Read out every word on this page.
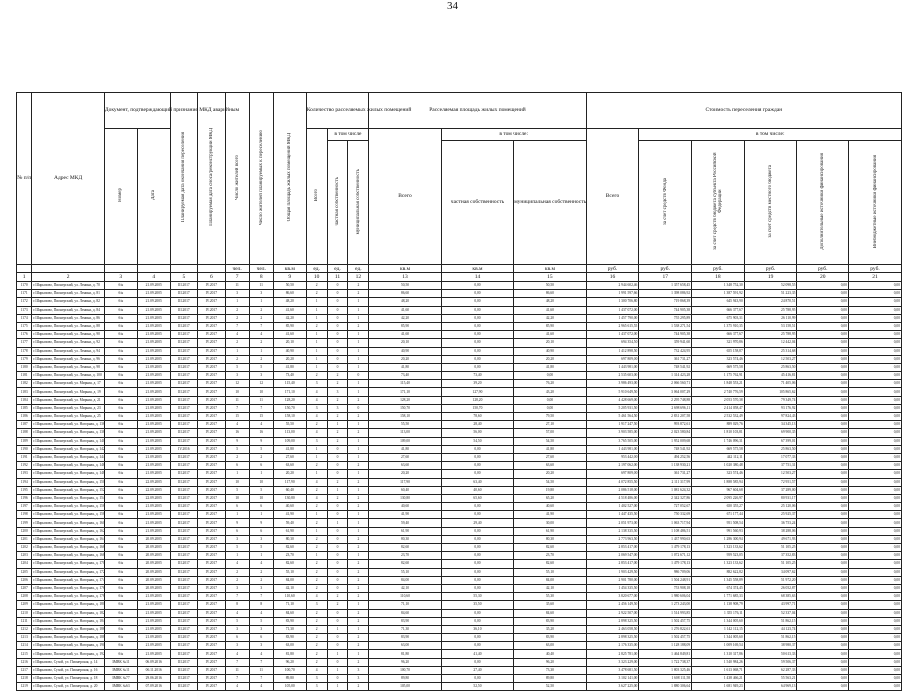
34
№ п/п	Адрес МКД	Документ, подтверждающий признание МКД аварийным		Планируемая дата окончания переселения	Планируемая дата сноса/реконструкции МКД	Число жителей всего	Число жителей планируемых к переселению	Общая площадь жилых помещений МКД	Количество расселяемых жилых помещений			Расселяемая площадь жилых помещений			Стоимость переселения граждан					
		Номер	Дата						Всего	в том числе		Всего	в том числе:		Всего	в том числе:				
										частная собственность	муниципальная собственность		частная собственность	муниципальная собственность		за счет средств Фонда	за счет средств бюджета субъекта Российской Федерации	за счет средств местного бюджета	Дополнительные источники финансирования	Внебюджетные источники финансирования
						чел.	чел.	кв.м	ед.	ед.	ед.	кв.м	кв.м	кв.м	руб.	руб.	руб.	руб.	руб.	руб.
1	2	3	4	5	6	7	8	9	10	11	12	13	14	15	16	17	18	19	20	21
1170	г.Шарыпово, Пионерский, ул. Ленина, д. 70	б/н	21.09.2005	III.2017	IV.2017	11	11	50,50	2	0	2	50,50	0,00	50,50	2 944 602,46	1 357 658,45	1 348 752,30	52 098,55	0,00	0,00
1171	г.Шарыпово, Пионерский, ул. Ленина, д. 81	б/н	21.09.2005	III.2017	IV.2017	3	3	86,60	2	0	2	86,60	0,00	86,60	1 991 597,66	1 398 086,92	1 387 591,92	51 223,35	0,00	0,00
1172	г.Шарыпово, Пионерский, ул. Ленина, д. 82	б/н	21.09.2005	III.2017	IV.2017	1	1	48,20	1	0	1	48,20	0,00	48,20	1 300 706,80	719 868,39	645 943,90	24 870,51	0,00	0,00
1173	г.Шарыпово, Пионерский, ул. Ленина, д. 84	б/н	21.09.2005	III.2017	IV.2017	2	2	41,60	1	0	1	41,60	0,00	41,60	1 437 072,00	744 905,38	666 377,67	25 788,95	0,00	0,00
1174	г.Шарыпово, Пионерский, ул. Ленина, д. 86	б/н	21.09.2005	III.2017	IV.2017	2	2	42,20	1	0	1	42,20	0,00	42,20	1 457 790,00	755 295,89	675 903,31	26 110,99	0,00	0,00
1175	г.Шарыпово, Пионерский, ул. Ленина, д. 88	б/н	21.09.2005	III.2017	IV.2017	7	7	85,90	2	0	2	85,90	0,00	85,90	2 965 615,55	1 538 271,54	1 375 910,35	53 158,51	0,00	0,00
1176	г.Шарыпово, Пионерский, ул. Ленина, д. 90	б/н	21.09.2005	III.2017	IV.2017	4	4	41,60	1	0	1	41,60	0,00	41,60	1 437 072,00	744 905,38	666 377,67	25 788,95	0,00	0,00
1177	г.Шарыпово, Пионерский, ул. Ленина, д. 92	б/н	21.09.2005	III.2017	IV.2017	2	2	20,10	1	0	1	20,10	0,00	20,10	694 354,50	359 941,60	321 970,86	12 442,04	0,00	0,00
1178	г.Шарыпово, Пионерский, ул. Ленина, д. 94	б/н	21.09.2005	III.2017	IV.2017	1	1	40,90	1	0	1	40,90	0,00	40,90	1 412 898,50	732 424,95	655 158,87	25 314,68	0,00	0,00
1179	г.Шарыпово, Пионерский, ул. Ленина, д. 96	б/н	21.09.2005	III.2017	IV.2017	2	2	20,20	1	0	1	20,20	0,00	20,20	697 809,00	361 731,27	323 574,46	12 503,27	0,00	0,00
1180	г.Шарыпово, Пионерский, ул. Ленина, д. 98	б/н	21.09.2005	III.2017	IV.2017	5	5	41,80	1	0	1	41,80	0,00	41,80	1 443 981,00	748 541,92	669 575,58	25 863,50	0,00	0,00
1181	г.Шарыпово, Пионерский, ул. Ленина, д. 100	б/н	21.09.2005	III.2017	IV.2017	3	3	73,40	2	2	0	73,40	73,40	0,00	2 535 603,00	1 314 423,28	1 175 762,91	45 416,81	0,00	0,00
1182	г.Шарыпово, Пионерский, ул. Мирная, д. 17	б/н	21.09.2005	III.2017	IV.2017	12	12	115,40	3	2	1	115,40	39,20	76,20	3 986 493,00	2 066 560,71	1 848 553,21	71 405,06	0,00	0,00
1183	г.Шарыпово, Пионерский, ул. Мирная, д. 19	б/н	21.09.2005	III.2017	IV.2017	10	10	171,10	4	3	1	171,10	127,90	43,20	5 910 649,50	3 064 007,29	2 740 776,59	105 865,62	0,00	0,00
1184	г.Шарыпово, Пионерский, ул. Мирная, д. 21	б/н	21.09.2005	III.2017	IV.2017	11	11	128,20	4	2	2	128,20	128,20	0,00	4 428 669,00	2 295 748,88	2 053 570,38	79 349,74	0,00	0,00
1185	г.Шарыпово, Пионерский, ул. Мирная, д. 23	б/н	21.09.2005	III.2017	IV.2017	7	7	150,70	3	3	0	150,70	150,70	0,00	5 205 931,50	2 698 696,11	2 414 058,47	93 176,92	0,00	0,00
1186	г.Шарыпово, Пионерский, ул. Мирная, д. 25	б/н	21.09.2005	III.2017	IV.2017	15	15	158,10	4	2	2	158,10	78,60	79,50	5 461 564,50	2 831 207,58	2 532 532,49	97 824,43	0,00	0,00
1187	г.Шарыпово, Пионерский, ул. Нагорная, д. 136	б/н	21.09.2005	III.2017	IV.2017	4	4	55,50	2	1	1	55,50	28,40	27,10	1 917 247,50	993 872,61	889 029,76	34 345,13	0,00	0,00
1188	г.Шарыпово, Пионерский, ул. Нагорная, д. 138	б/н	21.09.2005	III.2017	IV.2017	16	16	113,00	4	2	2	113,00	56,00	57,00	3 903 585,00	2 023 580,84	1 810 103,81	69 900,35	0,00	0,00
1189	г.Шарыпово, Пионерский, ул. Нагорная, д. 140	б/н	21.09.2005	III.2017	IV.2017	9	9	109,00	3	2	1	109,00	54,50	54,50	3 765 505,00	1 952 009,68	1 746 096,31	67 399,01	0,00	0,00
1190	г.Шарыпово, Пионерский, ул. Нагорная, д. 142	б/н	21.09.2005	IV.2016	IV.2017	5	5	41,80	1	0	1	41,80	0,00	41,80	1 443 981,00	748 541,92	669 575,58	25 863,50	0,00	0,00
1191	г.Шарыпово, Пионерский, ул. Нагорная, д. 144	б/н	21.09.2005	III.2017	IV.2017	2	2	27,60	1	0	1	27,60	0,00	27,60	953 442,00	494 252,56	442 112,11	17 077,33	0,00	0,00
1192	г.Шарыпово, Пионерский, ул. Нагорная, д. 146	б/н	21.09.2005	III.2017	IV.2017	6	6	63,60	2	0	2	63,60	0,00	63,60	2 197 062,00	1 138 930,21	1 020 380,48	37 751,31	0,00	0,00
1193	г.Шарыпово, Пионерский, ул. Нагорная, д. 148	б/н	21.09.2005	III.2017	IV.2017	1	1	20,20	1	0	1	20,20	0,00	20,20	697 809,00	361 731,27	323 574,46	12 503,27	0,00	0,00
1194	г.Шарыпово, Пионерский, ул. Нагорная, д. 150	б/н	22.09.2005	III.2017	IV.2017	10	10	117,90	4	2	2	117,90	63,40	54,50	4 072 855,50	2 111 317,99	1 888 585,94	72 951,57	0,00	0,00
1195	г.Шарыпово, Пионерский, ул. Нагорная, д. 152	б/н	22.09.2005	III.2017	IV.2017	5	5	60,40	2	1	1	60,40	40,60	19,80	2 086 518,00	1 081 624,32	967 604,68	37 289,00	0,00	0,00
1196	г.Шарыпово, Пионерский, ул. Нагорная, д. 154	б/н	22.09.2005	III.2017	IV.2017	10	10	130,80	4	2	2	130,80	65,60	65,20	4 518 486,00	2 342 327,86	2 095 226,97	80 931,17	0,00	0,00
1197	г.Шарыпово, Пионерский, ул. Нагорная, д. 156	б/н	21.09.2005	III.2017	IV.2017	6	6	40,60	2	0	2	40,60	0,00	40,60	1 402 527,00	727 052,67	650 355,27	25 120,06	0,00	0,00
1198	г.Шарыпово, Пионерский, ул. Нагорная, д. 158	б/н	21.09.2005	III.2017	IV.2017	1	1	41,90	1	0	1	41,90	0,00	41,90	1 447 435,50	750 332,69	671 177,44	25 925,37	0,00	0,00
1199	г.Шарыпово, Пионерский, ул. Нагорная, д. 160	б/н	21.09.2005	III.2017	IV.2017	9	9	59,40	2	1	1	59,40	29,40	30,00	2 051 973,00	1 063 717,94	951 508,54	36 753,24	0,00	0,00
1200	г.Шарыпово, Пионерский, ул. Нагорная, д. 162	б/н	21.09.2005	III.2017	IV.2017	6	6	61,90	1	0	1	61,90	0,00	61,90	2 138 335,50	1 108 486,51	991 560,93	38 288,06	0,00	0,00
1201	г.Шарыпово, Пионерский, ул. Нагорная, д. 164	б/н	20.09.2005	III.2017	IV.2017	3	3	80,30	2	0	2	80,30	0,00	80,30	2 773 963,50	1 437 990,63	1 286 300,94	49 671,93	0,00	0,00
1202	г.Шарыпово, Пионерский, ул. Нагорная, д. 166	б/н	20.09.2005	III.2017	IV.2017	5	5	82,60	2	0	2	82,60	0,00	82,60	2 853 417,00	1 479 178,13	1 323 133,62	51 105,25	0,00	0,00
1203	г.Шарыпово, Пионерский, ул. Нагорная, д. 168	б/н	20.09.2005	III.2017	IV.2017	1	1	23,70	1	0	1	23,70	0,00	23,70	2 069 547,00	1 072 671,12	959 523,05	37 352,83	0,00	0,00
1204	г.Шарыпово, Пионерский, ул. Нагорная, д. 170	б/н	20.09.2005	III.2017	IV.2017	4	4	82,60	2	0	2	82,60	0,00	82,60	2 853 417,00	1 479 178,13	1 323 133,62	51 105,25	0,00	0,00
1205	г.Шарыпово, Пионерский, ул. Нагорная, д. 172	б/н	20.09.2005	III.2017	IV.2017	2	2	55,10	2	0	2	55,10	0,00	55,10	1 903 429,50	986 709,06	882 622,82	34 097,62	0,00	0,00
1206	г.Шарыпово, Пионерский, ул. Нагорная, д. 174	б/н	20.09.2005	III.2017	IV.2017	2	2	84,00	2	0	2	84,00	0,00	84,00	2 901 780,00	1 504 248,91	1 345 558,89	51 972,20	0,00	0,00
1207	г.Шарыпово, Пионерский, ул. Нагорная, д. 176	б/н	20.09.2005	III.2017	IV.2017	3	3	42,10	2	0	2	42,10	0,00	42,10	1 454 335,50	753 908,18	674 374,45	26 052,87	0,00	0,00
1208	г.Шарыпово, Пионерский, ул. Нагорная, д. 178	б/н	21.09.2005	III.2017	IV.2017	7	7	110,60	4	2	2	110,60	55,30	55,30	3 820 677,00	1 980 606,04	1 771 685,33	68 385,63	0,00	0,00
1209	г.Шарыпово, Пионерский, ул. Нагорная, д. 180	б/н	21.09.2005	III.2017	IV.2017	8	8	71,10	3	2	1	71,10	35,50	35,60	2 456 149,50	1 273 243,00	1 138 908,79	43 997,71	0,00	0,00
1210	г.Шарыпово, Пионерский, ул. Нагорная, д. 182	б/н	21.09.2005	III.2017	IV.2017	4	4	84,60	2	0	2	84,60	0,00	84,60	2 922 507,00	1 514 993,85	1 355 176,11	52 337,04	0,00	0,00
1211	г.Шарыпово, Пионерский, ул. Нагорная, д. 184	б/н	21.09.2005	III.2017	IV.2017	5	5	83,90	2	0	2	83,90	0,00	83,90	2 898 325,50	1 502 457,75	1 344 005,60	51 862,15	0,00	0,00
1212	г.Шарыпово, Пионерский, ул. Нагорная, д. 186	б/н	21.09.2005	III.2017	IV.2017	3	3	71,30	2	1	1	71,30	36,10	35,20	2 463 058,50	1 276 822,61	1 142 112,15	44 123,74	0,00	0,00
1213	г.Шарыпово, Пионерский, ул. Нагорная, д. 188	б/н	21.09.2005	III.2017	IV.2017	6	6	83,90	2	0	2	83,90	0,00	83,90	2 898 325,50	1 502 457,75	1 344 005,60	51 862,15	0,00	0,00
1214	г.Шарыпово, Пионерский, ул. Нагорная, д. 190	б/н	21.09.2005	III.2017	IV.2017	3	3	63,00	2	0	2	63,00	0,00	63,00	2 176 335,00	1 128 188,09	1 009 169,54	38 980,37	0,00	0,00
1215	г.Шарыпово, Пионерский, ул. Нагорная, д. 192	б/н	21.09.2005	III.2017	IV.2017	4	4	81,80	2	1	1	81,80	41,40	40,40	2 825 781,00	1 464 849,81	1 310 317,86	50 613,33	0,00	0,00
1216	г.Шарыпово, Сухой, ул. Пионерская, д. 14	ЗМВК №11	06.09.2016	III.2017	IV.2017	7	7	96,20	2	0	2	96,20	0,00	96,20	3 323 229,00	1 722 738,37	1 540 984,26	59 506,37	0,00	0,00
1217	г.Шарыпово, Сухой, ул. Пионерская, д. 16	ЗМВК №11	06.11.2016	III.2017	IV.2017	11	11	100,70	4	1	3	100,70	27,40	73,30	3 478 681,50	1 803 325,46	1 613 068,71	62 287,33	0,00	0,00
1218	г.Шарыпово, Сухой, ул. Пионерская, д. 18	ЗМВК №77	29.06.2016	III.2017	IV.2017	7	7	89,80	3	0	3	89,80	0,00	89,80	3 102 141,00	1 608 111,58	1 438 466,21	55 563,21	0,00	0,00
1219	г.Шарыпово, Сухой, ул. Пионерская, д. 20	ЗМВК №63	07.09.2016	III.2017	IV.2017	4	4	105,00	3	1	2	105,00	52,50	52,50	3 627 225,00	1 880 306,64	1 681 949,23	64 969,13	0,00	0,00
